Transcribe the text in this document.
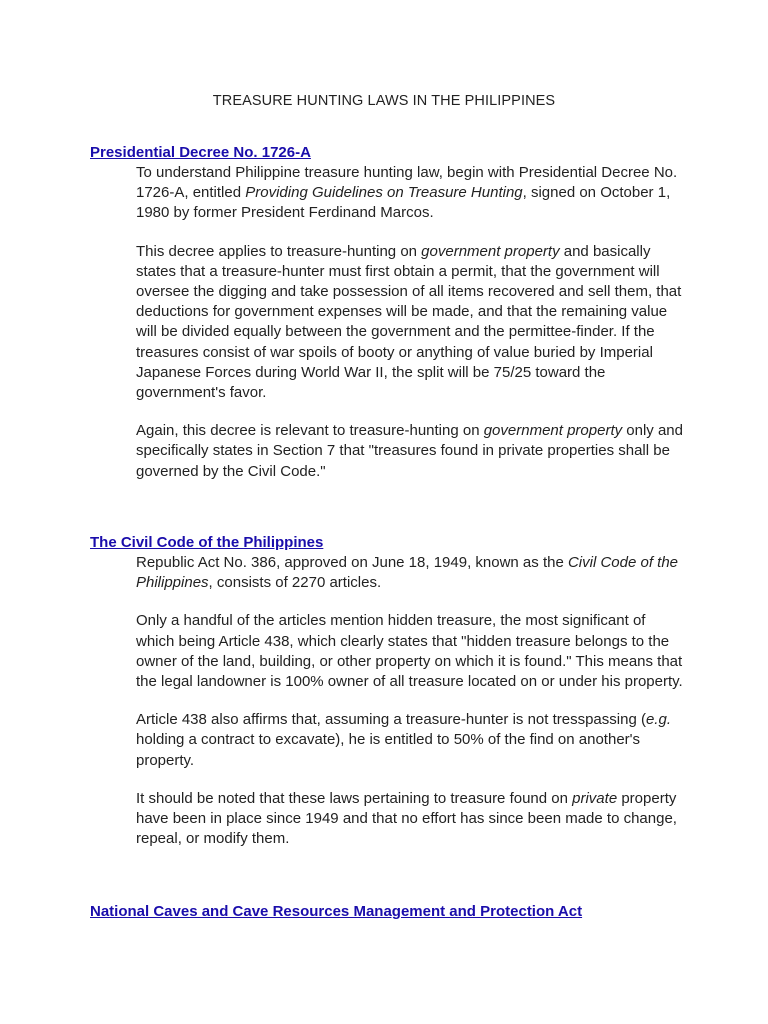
TREASURE HUNTING LAWS IN THE PHILIPPINES
Presidential Decree No. 1726-A

To understand Philippine treasure hunting law, begin with Presidential Decree No. 1726-A, entitled Providing Guidelines on Treasure Hunting, signed on October 1, 1980 by former President Ferdinand Marcos.

This decree applies to treasure-hunting on government property and basically states that a treasure-hunter must first obtain a permit, that the government will oversee the digging and take possession of all items recovered and sell them, that deductions for government expenses will be made, and that the remaining value will be divided equally between the government and the permittee-finder. If the treasures consist of war spoils of booty or anything of value buried by Imperial Japanese Forces during World War II, the split will be 75/25 toward the government's favor.

Again, this decree is relevant to treasure-hunting on government property only and specifically states in Section 7 that "treasures found in private properties shall be governed by the Civil Code."

The Civil Code of the Philippines

Republic Act No. 386, approved on June 18, 1949, known as the Civil Code of the Philippines, consists of 2270 articles.

Only a handful of the articles mention hidden treasure, the most significant of which being Article 438, which clearly states that "hidden treasure belongs to the owner of the land, building, or other property on which it is found." This means that the legal landowner is 100% owner of all treasure located on or under his property.

Article 438 also affirms that, assuming a treasure-hunter is not tresspassing (e.g. holding a contract to excavate), he is entitled to 50% of the find on another's property.

It should be noted that these laws pertaining to treasure found on private property have been in place since 1949 and that no effort has since been made to change, repeal, or modify them.

National Caves and Cave Resources Management and Protection Act
